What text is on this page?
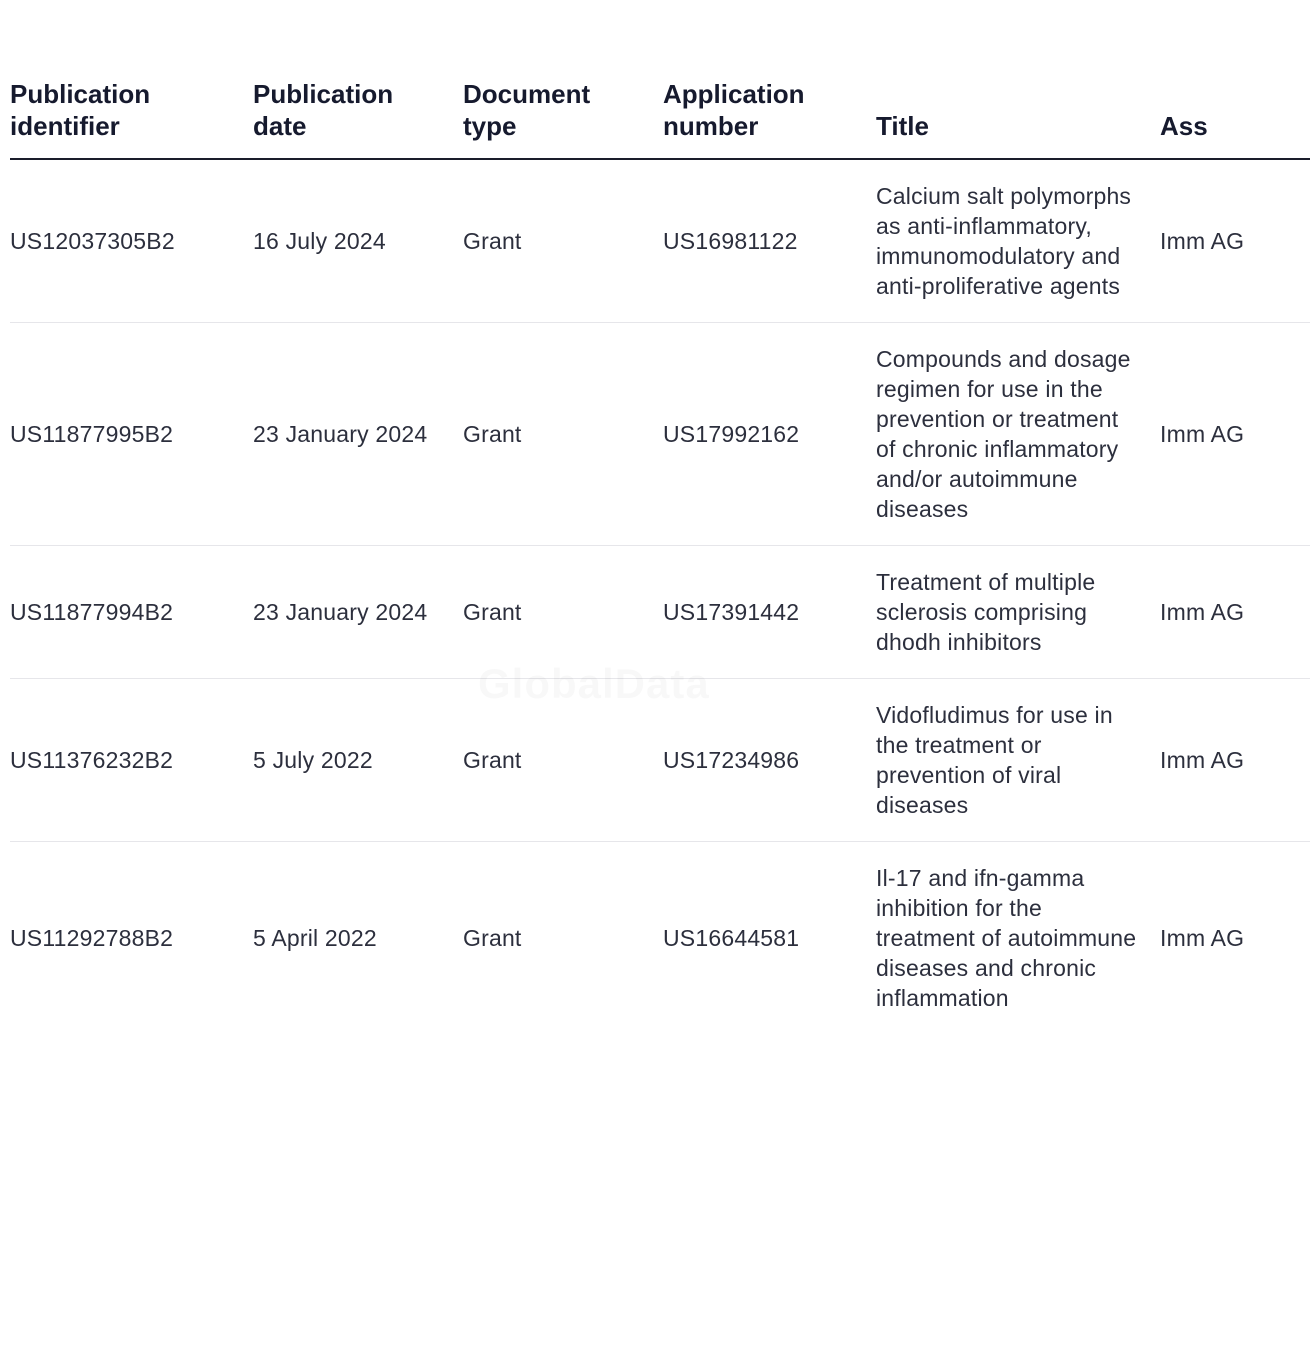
Publication identifier	Publication date	Document type	Application number	Title	Ass
US12037305B2	16 July 2024	Grant	US16981122	Calcium salt polymorphs as anti-inflammatory, immunomodulatory and anti-proliferative agents	Imm AG
US11877995B2	23 January 2024	Grant	US17992162	Compounds and dosage regimen for use in the prevention or treatment of chronic inflammatory and/or autoimmune diseases	Imm AG
US11877994B2	23 January 2024	Grant	US17391442	Treatment of multiple sclerosis comprising dhodh inhibitors	Imm AG
US11376232B2	5 July 2022	Grant	US17234986	Vidofludimus for use in the treatment or prevention of viral diseases	Imm AG
US11292788B2	5 April 2022	Grant	US16644581	Il-17 and ifn-gamma inhibition for the treatment of autoimmune diseases and chronic inflammation	Imm AG
